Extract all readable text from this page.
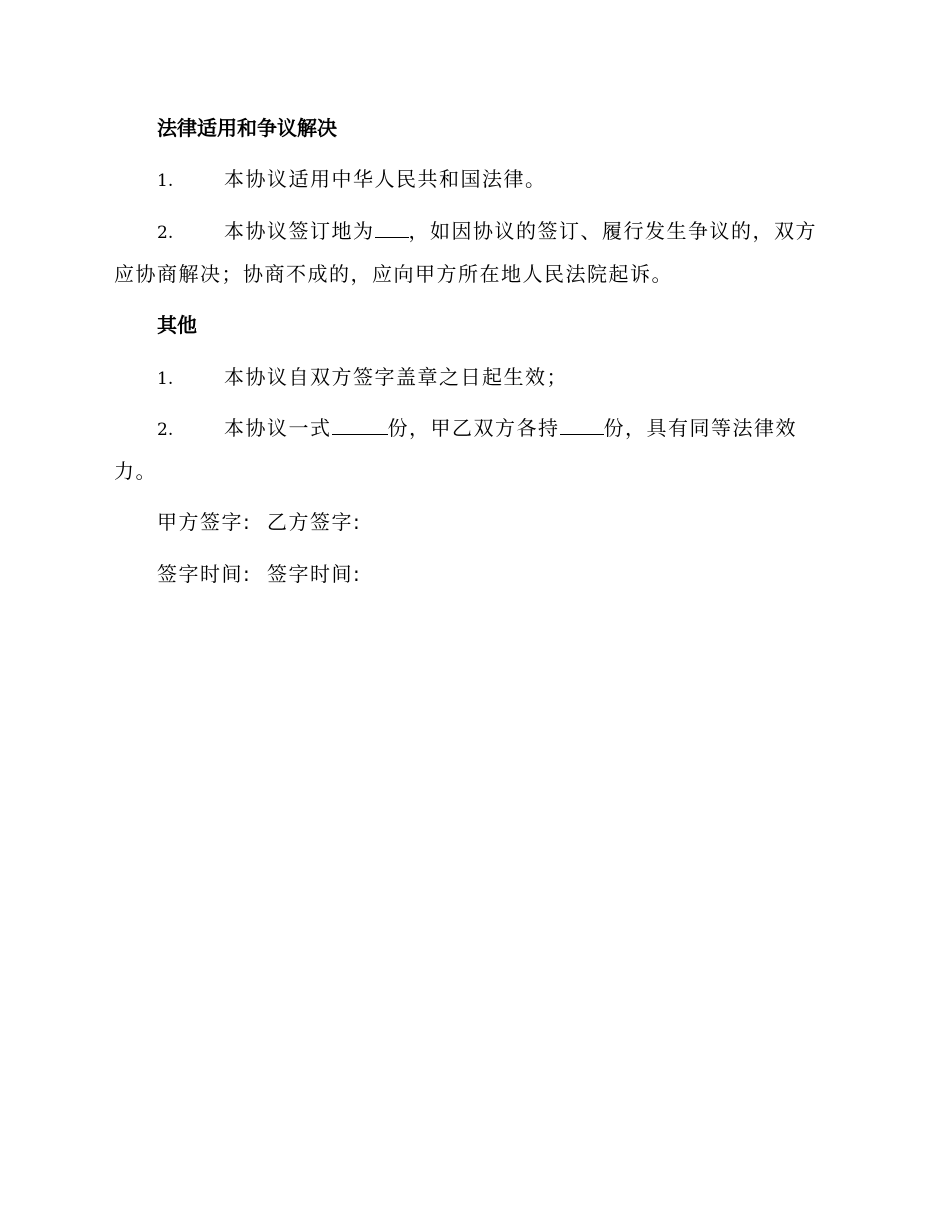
法律适用和争议解决
1.	本协议适用中华人民共和国法律。
2.	本协议签订地为 ，如因协议的签订、履行发生争议的，双方
应协商解决；协商不成的，应向甲方所在地人民法院起诉。
其他
1.	本协议自双方签字盖章之日起生效；
2.	本协议一式	份，甲乙双方各持 份，具有同等法律效
力。
甲方签字: 乙方签字:
签字时间: 签字时间:
